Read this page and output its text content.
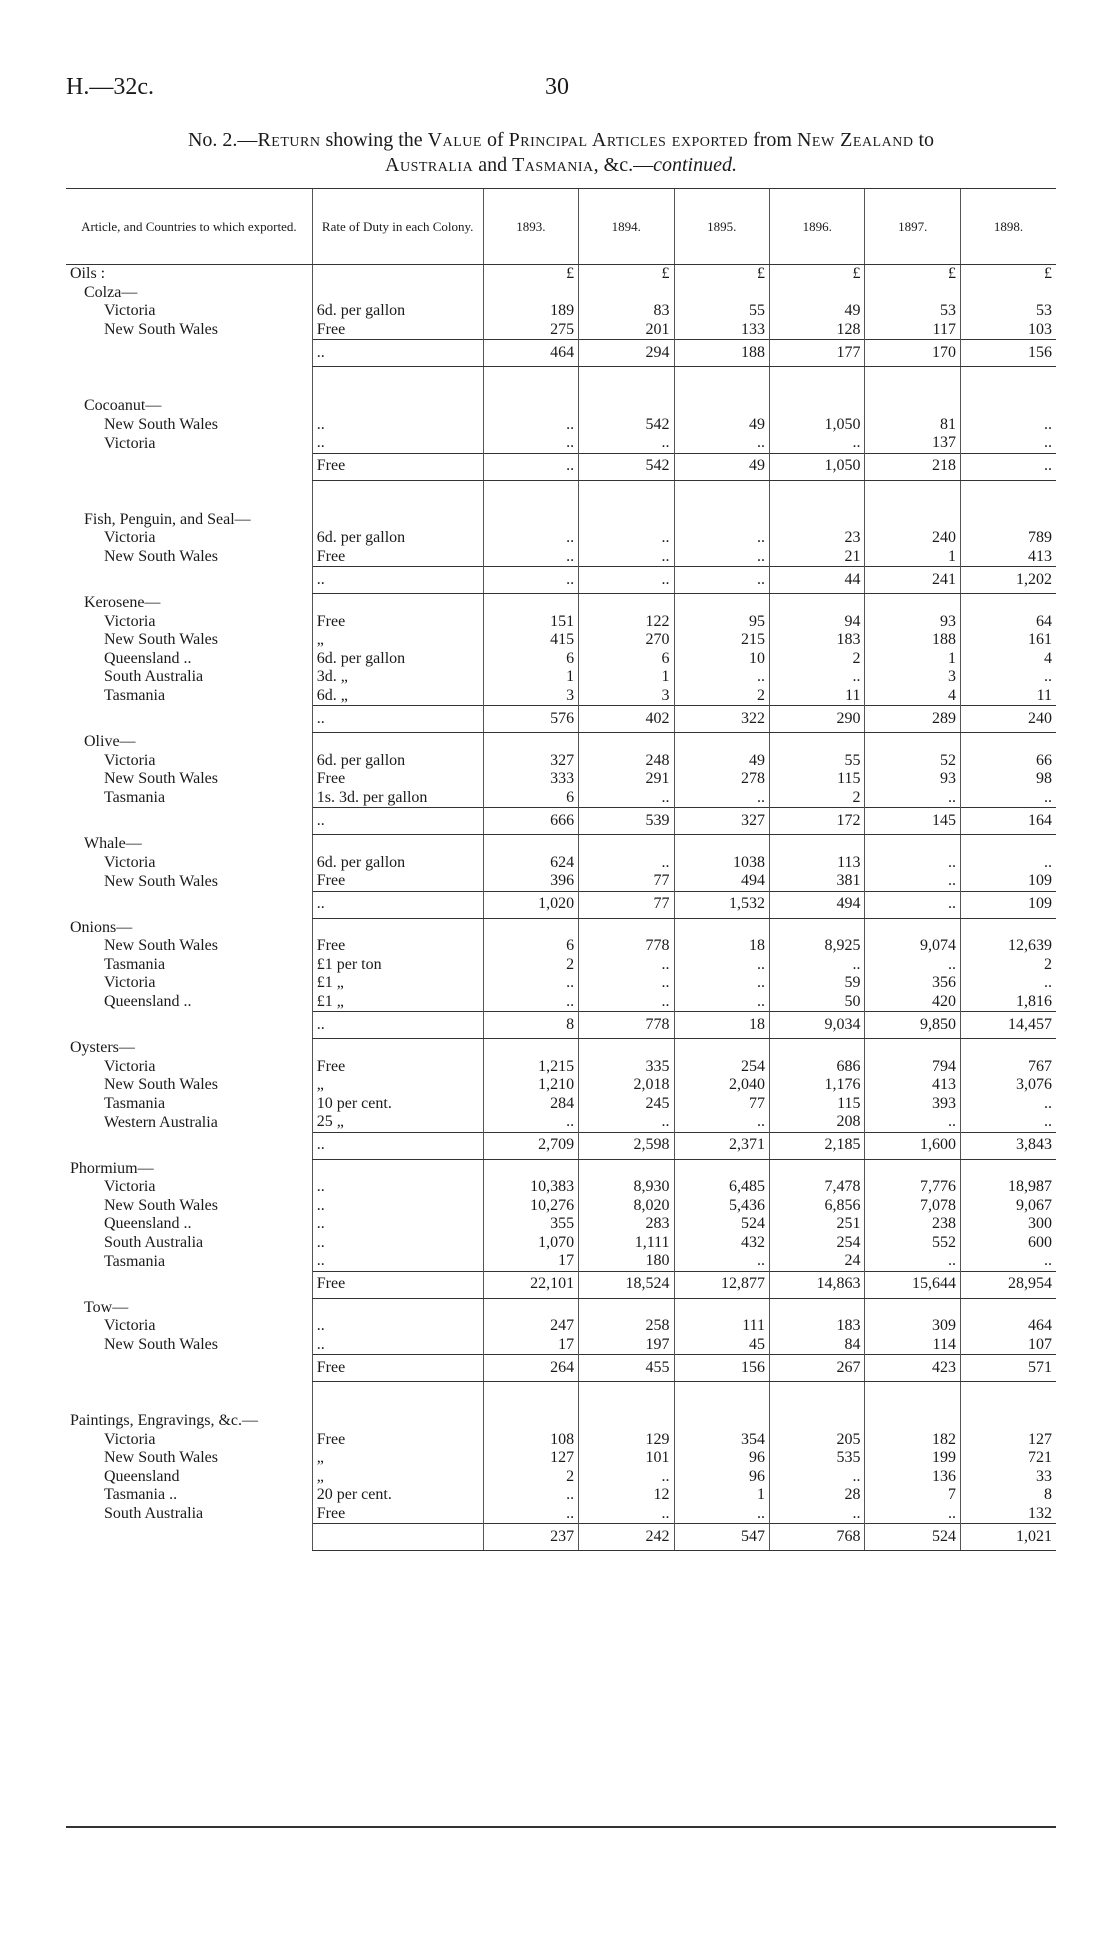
H.—32c.	30
No. 2.—Return showing the Value of Principal Articles exported from New Zealand to
Australia and Tasmania, &c.—continued.
Article, and Countries to which exported.	Rate of Duty in each Colony.	1893.	1894.	1895.	1896.	1897.	1898.
Oils :		£	£	£	£	£	£
Colza—							
Victoria	6d. per gallon	189	83	55	49	53	53
New South Wales	Free	275	201	133	128	117	103
	..	464	294	188	177	170	156

Cocoanut—							
New South Wales	..	..	542	49	1,050	81	..
Victoria	..	..	..	..	..	137	..
	Free	..	542	49	1,050	218	..

Fish, Penguin, and Seal—							
Victoria	6d. per gallon	..	..	..	23	240	789
New South Wales	Free	..	..	..	21	1	413
	..	..	..	..	44	241	1,202
Kerosene—							
Victoria	Free	151	122	95	94	93	64
New South Wales	„	415	270	215	183	188	161
Queensland ..	6d. per gallon	6	6	10	2	1	4
South Australia	3d. „	1	1	..	..	3	..
Tasmania	6d. „	3	3	2	11	4	11
	..	576	402	322	290	289	240
Olive—							
Victoria	6d. per gallon	327	248	49	55	52	66
New South Wales	Free	333	291	278	115	93	98
Tasmania	1s. 3d. per gallon	6	..	..	2	..	..
	..	666	539	327	172	145	164
Whale—							
Victoria	6d. per gallon	624	..	1038	113	..	..
New South Wales	Free	396	77	494	381	..	109
	..	1,020	77	1,532	494	..	109
Onions—							
New South Wales	Free	6	778	18	8,925	9,074	12,639
Tasmania	£1 per ton	2	..	..	..	..	2
Victoria	£1 „	..	..	..	59	356	..
Queensland ..	£1 „	..	..	..	50	420	1,816
	..	8	778	18	9,034	9,850	14,457
Oysters—							
Victoria	Free	1,215	335	254	686	794	767
New South Wales	„	1,210	2,018	2,040	1,176	413	3,076
Tasmania	10 per cent.	284	245	77	115	393	..
Western Australia	25 „	..	..	..	208	..	..
	..	2,709	2,598	2,371	2,185	1,600	3,843
Phormium—							
Victoria	..	10,383	8,930	6,485	7,478	7,776	18,987
New South Wales	..	10,276	8,020	5,436	6,856	7,078	9,067
Queensland ..	..	355	283	524	251	238	300
South Australia	..	1,070	1,111	432	254	552	600
Tasmania	..	17	180	..	24	..	..
	Free	22,101	18,524	12,877	14,863	15,644	28,954
Tow—							
Victoria	..	247	258	111	183	309	464
New South Wales	..	17	197	45	84	114	107
	Free	264	455	156	267	423	571

Paintings, Engravings, &c.—							
Victoria	Free	108	129	354	205	182	127
New South Wales	„	127	101	96	535	199	721
Queensland	„	2	..	96	..	136	33
Tasmania ..	20 per cent.	..	12	1	28	7	8
South Australia	Free	..	..	..	..	..	132
		237	242	547	768	524	1,021
